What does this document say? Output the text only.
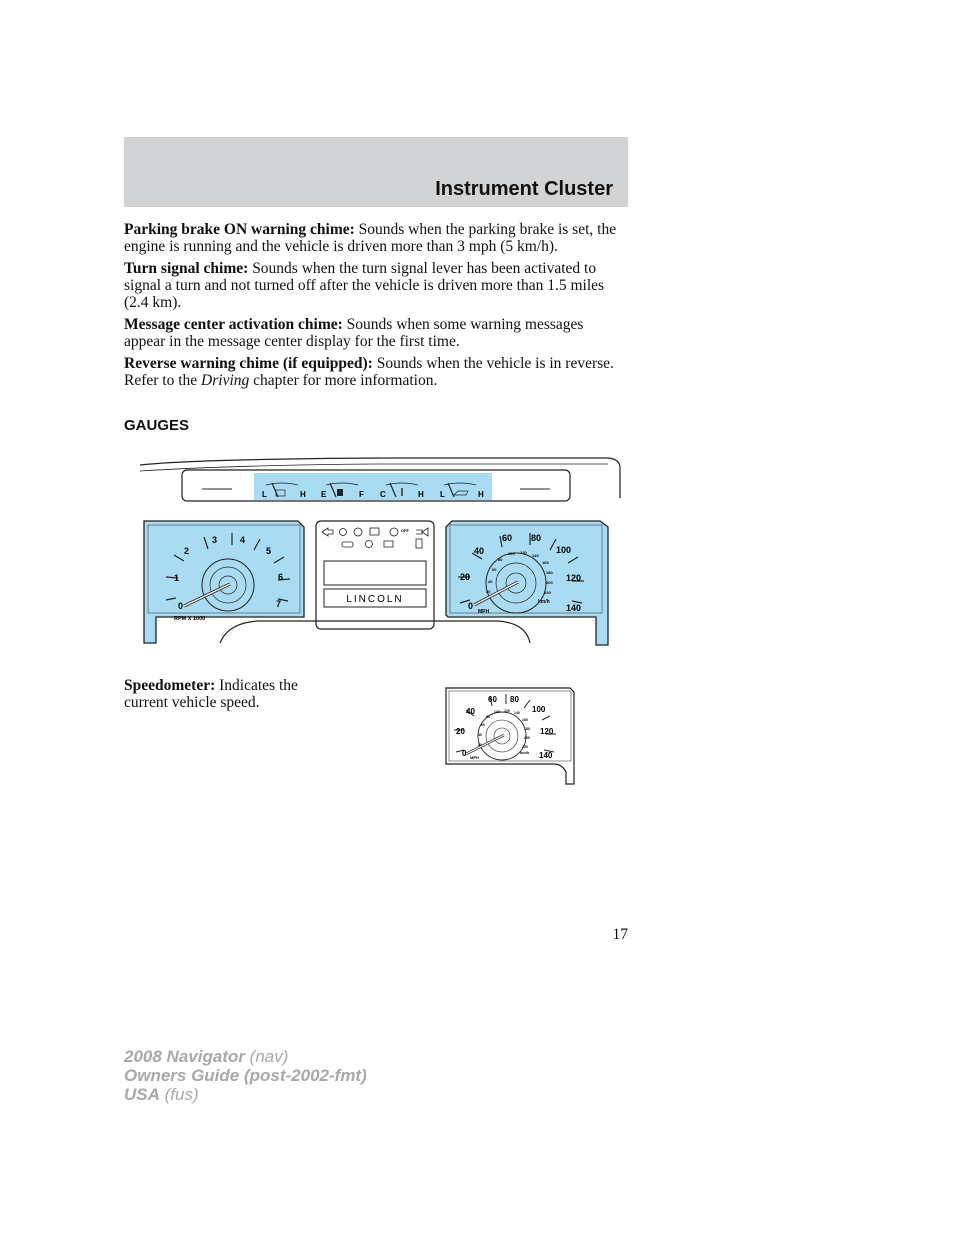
Instrument Cluster

Parking brake ON warning chime: Sounds when the parking brake is set, the engine is running and the vehicle is driven more than 3 mph (5 km/h).

Turn signal chime: Sounds when the turn signal lever has been activated to signal a turn and not turned off after the vehicle is driven more than 1.5 miles (2.4 km).

Message center activation chime: Sounds when some warning messages appear in the message center display for the first time.

Reverse warning chime (if equipped): Sounds when the vehicle is in reverse. Refer to the Driving chapter for more information.

GAUGES
L	H E	F C	H L	H
0
1
2
3	4
5
6
7
RPM X 1000
OFF
LINCOLN
0
20
40
60 80
100
120
140
20
40
60
80
100 120
140
160
180
200
220
MPH
km/h
Speedometer: Indicates the current vehicle speed.
0
20
40
60 80
100
120
140
20
40
60
80
100 120 140
160
180
200
220
MPH
km/h
17
2008 Navigator (nav)
Owners Guide (post-2002-fmt)
USA (fus)
